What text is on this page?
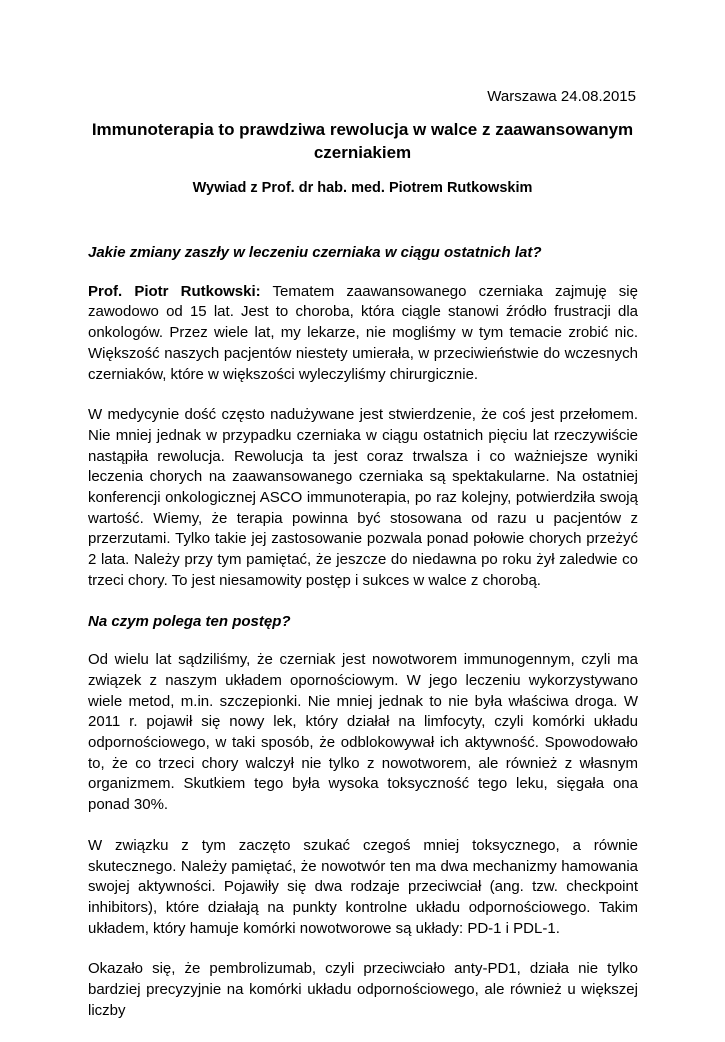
Warszawa 24.08.2015
Immunoterapia to prawdziwa rewolucja w walce z zaawansowanym czerniakiem
Wywiad z Prof. dr hab. med. Piotrem Rutkowskim

Jakie zmiany zaszły w leczeniu czerniaka w ciągu ostatnich lat?

Prof. Piotr Rutkowski: Tematem zaawansowanego czerniaka zajmuję się zawodowo od 15 lat. Jest to choroba, która ciągle stanowi źródło frustracji dla onkologów. Przez wiele lat, my lekarze, nie mogliśmy w tym temacie zrobić nic. Większość naszych pacjentów niestety umierała, w przeciwieństwie do wczesnych czerniaków, które w większości wyleczyliśmy chirurgicznie.

W medycynie dość często nadużywane jest stwierdzenie, że coś jest przełomem. Nie mniej jednak w przypadku czerniaka w ciągu ostatnich pięciu lat rzeczywiście nastąpiła rewolucja. Rewolucja ta jest coraz trwalsza i co ważniejsze wyniki leczenia chorych na zaawansowanego czerniaka są spektakularne. Na ostatniej konferencji onkologicznej ASCO immunoterapia, po raz kolejny, potwierdziła swoją wartość. Wiemy, że terapia powinna być stosowana od razu u pacjentów z przerzutami. Tylko takie jej zastosowanie pozwala ponad połowie chorych przeżyć 2 lata. Należy przy tym pamiętać, że jeszcze do niedawna po roku żył zaledwie co trzeci chory. To jest niesamowity postęp i sukces w walce z chorobą.

Na czym polega ten postęp?

Od wielu lat sądziliśmy, że czerniak jest nowotworem immunogennym, czyli ma związek z naszym układem opornościowym. W jego leczeniu wykorzystywano wiele metod, m.in. szczepionki. Nie mniej jednak to nie była właściwa droga. W 2011 r. pojawił się nowy lek, który działał na limfocyty, czyli komórki układu odpornościowego, w taki sposób, że odblokowywał ich aktywność. Spowodowało to, że co trzeci chory walczył nie tylko z nowotworem, ale również z własnym organizmem. Skutkiem tego była wysoka toksyczność tego leku, sięgała ona ponad 30%.

W związku z tym zaczęto szukać czegoś mniej toksycznego, a równie skutecznego. Należy pamiętać, że nowotwór ten ma dwa mechanizmy hamowania swojej aktywności. Pojawiły się dwa rodzaje przeciwciał (ang. tzw. checkpoint inhibitors), które działają na punkty kontrolne układu odpornościowego. Takim układem, który hamuje komórki nowotworowe są układy: PD-1 i PDL-1.

Okazało się, że pembrolizumab, czyli przeciwciało anty-PD1, działa nie tylko bardziej precyzyjnie na komórki układu odpornościowego, ale również u większej liczby
